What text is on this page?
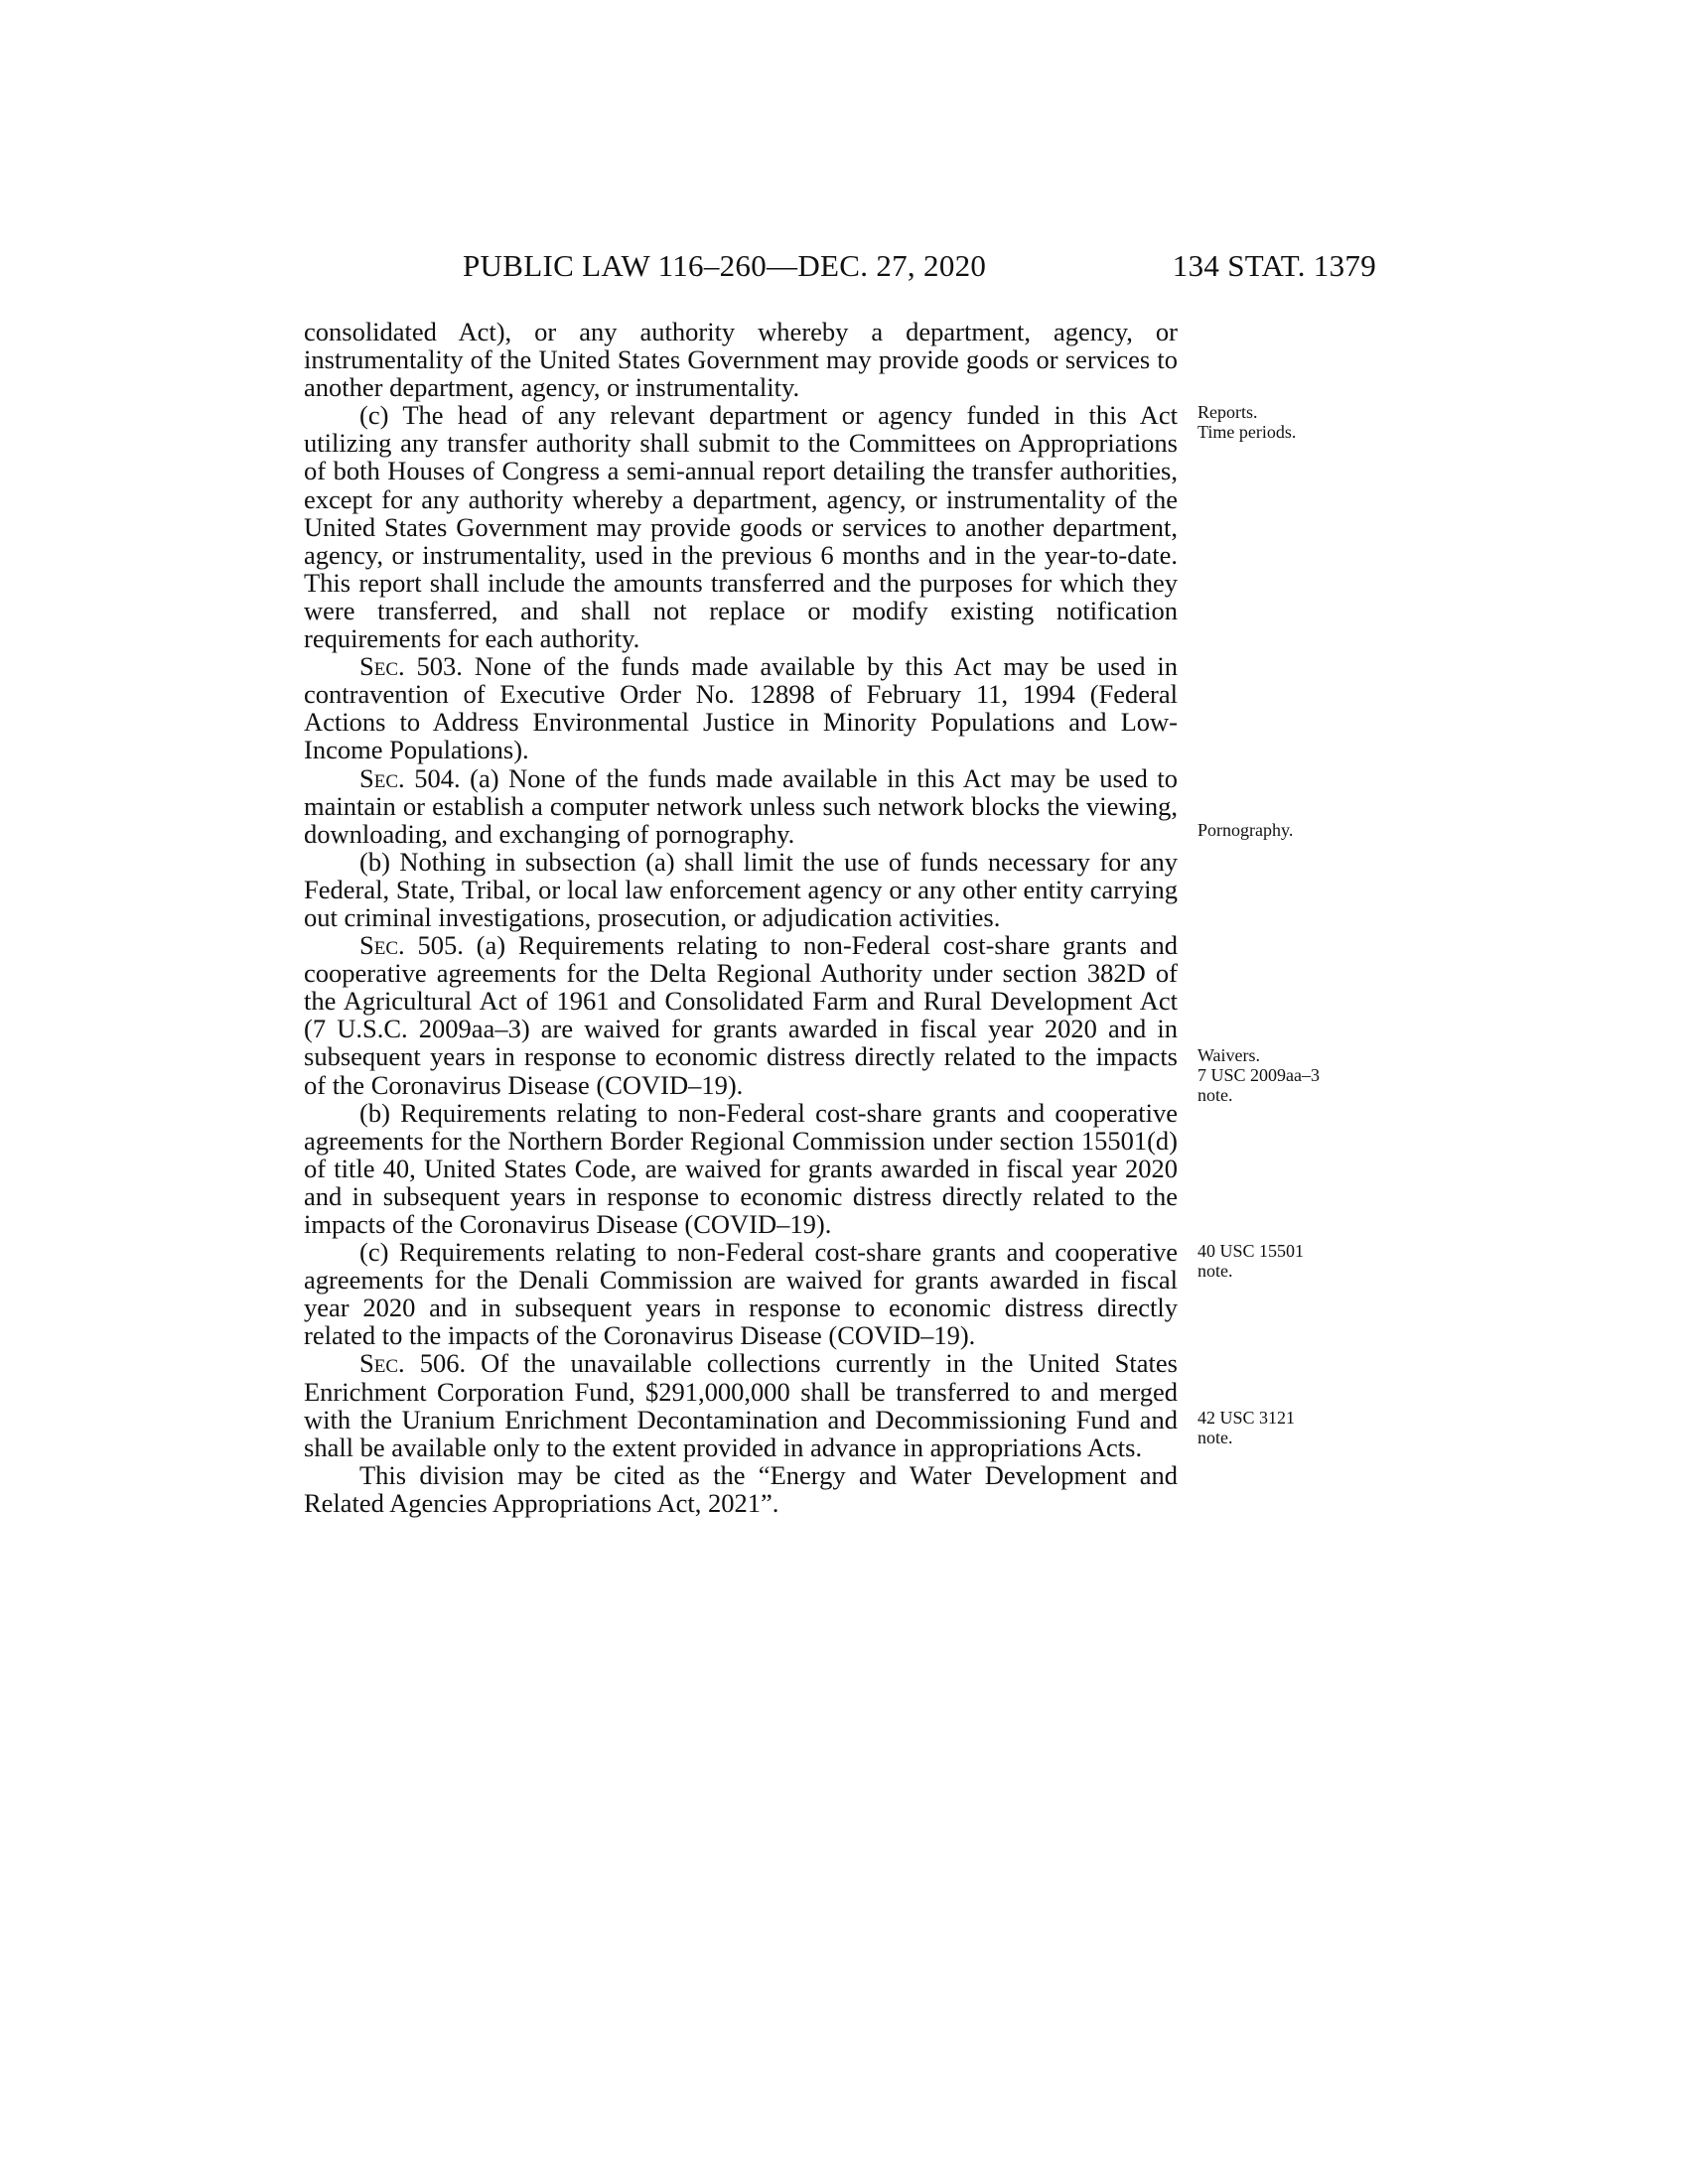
PUBLIC LAW 116–260—DEC. 27, 2020	134 STAT. 1379

consolidated Act), or any authority whereby a department, agency, or instrumentality of the United States Government may provide goods or services to another department, agency, or instrumentality.

(c) The head of any relevant department or agency funded in this Act utilizing any transfer authority shall submit to the Committees on Appropriations of both Houses of Congress a semi-annual report detailing the transfer authorities, except for any authority whereby a department, agency, or instrumentality of the United States Government may provide goods or services to another department, agency, or instrumentality, used in the previous 6 months and in the year-to-date. This report shall include the amounts transferred and the purposes for which they were transferred, and shall not replace or modify existing notification requirements for each authority.

Sec. 503. None of the funds made available by this Act may be used in contravention of Executive Order No. 12898 of February 11, 1994 (Federal Actions to Address Environmental Justice in Minority Populations and Low-Income Populations).

Sec. 504. (a) None of the funds made available in this Act may be used to maintain or establish a computer network unless such network blocks the viewing, downloading, and exchanging of pornography.

(b) Nothing in subsection (a) shall limit the use of funds necessary for any Federal, State, Tribal, or local law enforcement agency or any other entity carrying out criminal investigations, prosecution, or adjudication activities.

Sec. 505. (a) Requirements relating to non-Federal cost-share grants and cooperative agreements for the Delta Regional Authority under section 382D of the Agricultural Act of 1961 and Consolidated Farm and Rural Development Act (7 U.S.C. 2009aa–3) are waived for grants awarded in fiscal year 2020 and in subsequent years in response to economic distress directly related to the impacts of the Coronavirus Disease (COVID–19).

(b) Requirements relating to non-Federal cost-share grants and cooperative agreements for the Northern Border Regional Commission under section 15501(d) of title 40, United States Code, are waived for grants awarded in fiscal year 2020 and in subsequent years in response to economic distress directly related to the impacts of the Coronavirus Disease (COVID–19).

(c) Requirements relating to non-Federal cost-share grants and cooperative agreements for the Denali Commission are waived for grants awarded in fiscal year 2020 and in subsequent years in response to economic distress directly related to the impacts of the Coronavirus Disease (COVID–19).

Sec. 506. Of the unavailable collections currently in the United States Enrichment Corporation Fund, $291,000,000 shall be transferred to and merged with the Uranium Enrichment Decontamination and Decommissioning Fund and shall be available only to the extent provided in advance in appropriations Acts.

This division may be cited as the “Energy and Water Development and Related Agencies Appropriations Act, 2021”.

Reports.
Time periods.
Pornography.
Waivers.
7 USC 2009aa–3
note.
40 USC 15501
note.
42 USC 3121
note.
